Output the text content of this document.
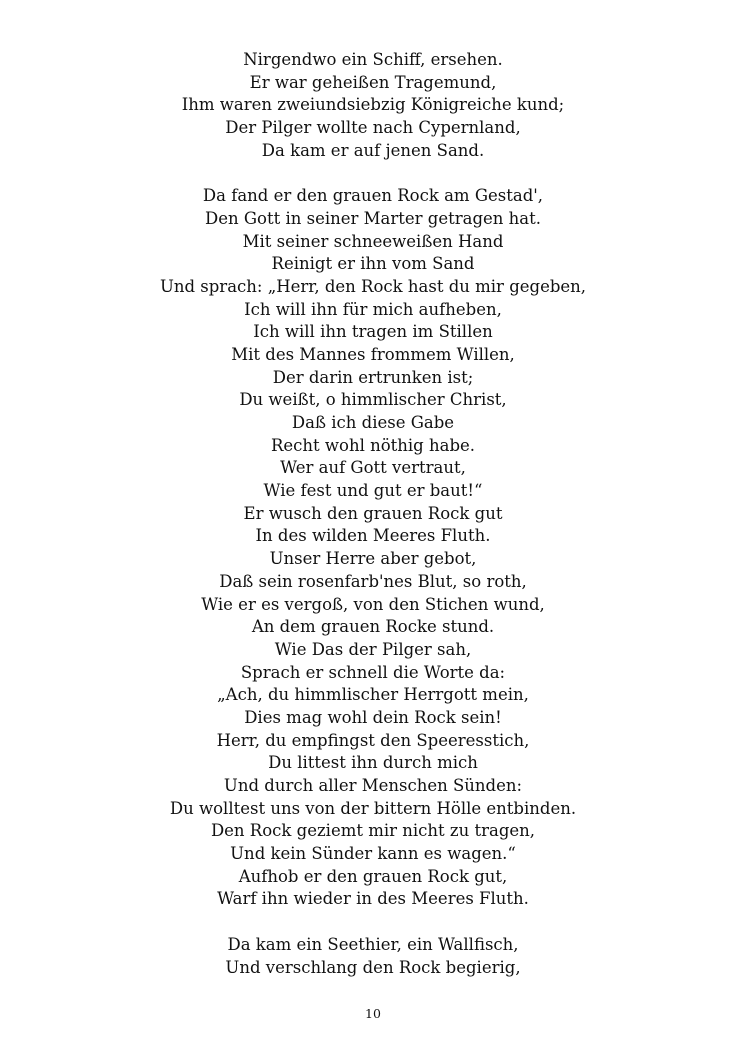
Nirgendwo ein Schiff, ersehen.
Er war geheißen Tragemund,
Ihm waren zweiundsiebzig Königreiche kund;
Der Pilger wollte nach Cypernland,
Da kam er auf jenen Sand.
Da fand er den grauen Rock am Gestad',
Den Gott in seiner Marter getragen hat.
Mit seiner schneeweißen Hand
Reinigt er ihn vom Sand
Und sprach: „Herr, den Rock hast du mir gegeben,
Ich will ihn für mich aufheben,
Ich will ihn tragen im Stillen
Mit des Mannes frommem Willen,
Der darin ertrunken ist;
Du weißt, o himmlischer Christ,
Daß ich diese Gabe
Recht wohl nöthig habe.
Wer auf Gott vertraut,
Wie fest und gut er baut!“
Er wusch den grauen Rock gut
In des wilden Meeres Fluth.
Unser Herre aber gebot,
Daß sein rosenfarb'nes Blut, so roth,
Wie er es vergoß, von den Stichen wund,
An dem grauen Rocke stund.
Wie Das der Pilger sah,
Sprach er schnell die Worte da:
„Ach, du himmlischer Herrgott mein,
Dies mag wohl dein Rock sein!
Herr, du empfingst den Speeresstich,
Du littest ihn durch mich
Und durch aller Menschen Sünden:
Du wolltest uns von der bittern Hölle entbinden.
Den Rock geziemt mir nicht zu tragen,
Und kein Sünder kann es wagen.“
Aufhob er den grauen Rock gut,
Warf ihn wieder in des Meeres Fluth.
Da kam ein Seethier, ein Wallfisch,
Und verschlang den Rock begierig,
10
